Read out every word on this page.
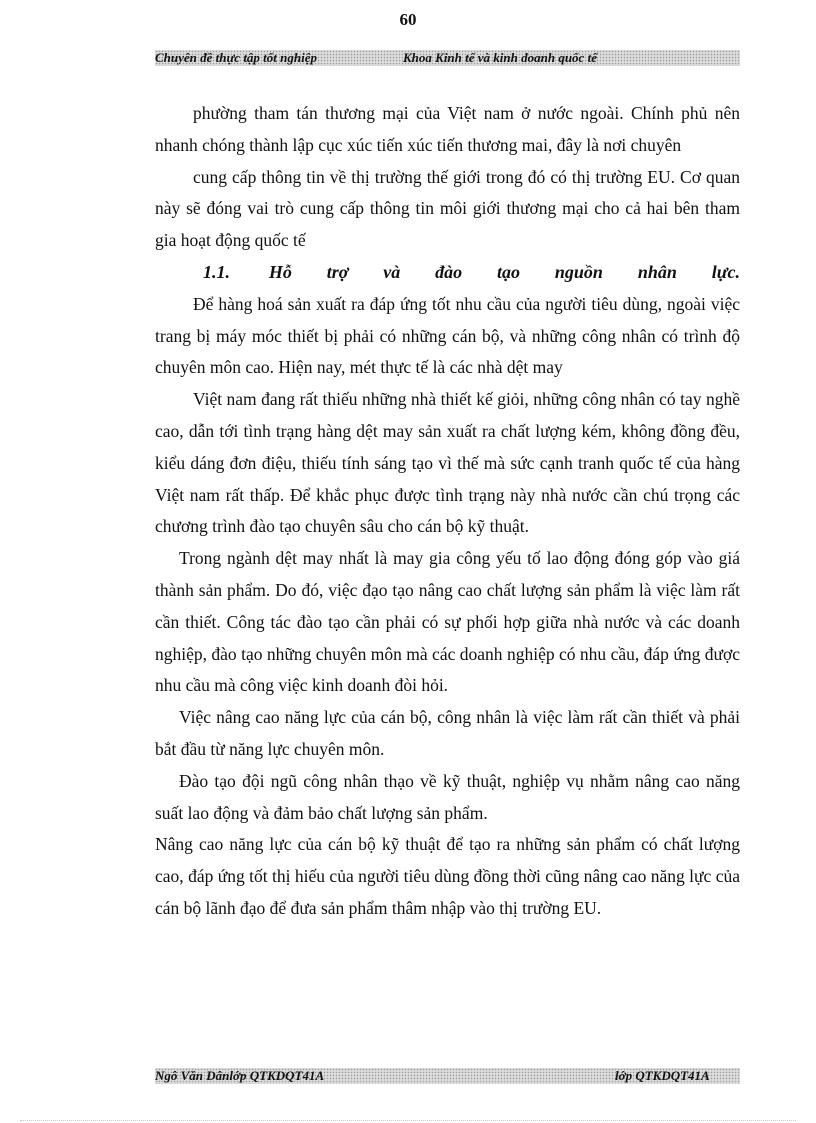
60
Chuyên đề thực tập tốt nghiệp	Khoa Kinh tế và kinh doanh quốc tế

phường tham tán thương mại của Việt nam ở nước ngoài. Chính phủ nên nhanh chóng thành lập cục xúc tiến xúc tiến thương mai, đây là nơi chuyên

cung cấp thông tin về thị trường thế giới trong đó có thị trường EU. Cơ quan này sẽ đóng vai trò cung cấp thông tin môi giới thương mại cho cả hai bên tham gia hoạt động quốc tế

1.1. Hỗ trợ và đào tạo nguồn nhân lực.

Để hàng hoá sản xuất ra đáp ứng tốt nhu cầu của người tiêu dùng, ngoài việc trang bị máy móc thiết bị phải có những cán bộ, và những công nhân có trình độ chuyên môn cao. Hiện nay, mét thực tế là các nhà dệt may

Việt nam đang rất thiếu những nhà thiết kế giỏi, những công nhân có tay nghề cao, dẫn tới tình trạng hàng dệt may sản xuất ra chất lượng kém, không đồng đều, kiểu dáng đơn điệu, thiếu tính sáng tạo vì thế mà sức cạnh tranh quốc tế của hàng Việt nam rất thấp. Để khắc phục được tình trạng này nhà nước cần chú trọng các chương trình đào tạo chuyên sâu cho cán bộ kỹ thuật.

Trong ngành dệt may nhất là may gia công yếu tố lao động đóng góp vào giá thành sản phẩm. Do đó, việc đạo tạo nâng cao chất lượng sản phẩm là việc làm rất cần thiết. Công tác đào tạo cần phải có sự phối hợp giữa nhà nước và các doanh nghiệp, đào tạo những chuyên môn mà các doanh nghiệp có nhu cầu, đáp ứng được nhu cầu mà công việc kinh doanh đòi hỏi.

Việc nâng cao năng lực của cán bộ, công nhân là việc làm rất cần thiết và phải bắt đầu từ năng lực chuyên môn.

Đào tạo đội ngũ công nhân thạo về kỹ thuật, nghiệp vụ nhằm nâng cao năng suất lao động và đảm bảo chất lượng sản phẩm.

Nâng cao năng lực của cán bộ kỹ thuật để tạo ra những sản phẩm có chất lượng cao, đáp ứng tốt thị hiếu của người tiêu dùng đồng thời cũng nâng cao năng lực của cán bộ lãnh đạo để đưa sản phẩm thâm nhập vào thị trường EU.

Ngô Văn Dânlớp QTKDQT41A	lớp QTKDQT41A
